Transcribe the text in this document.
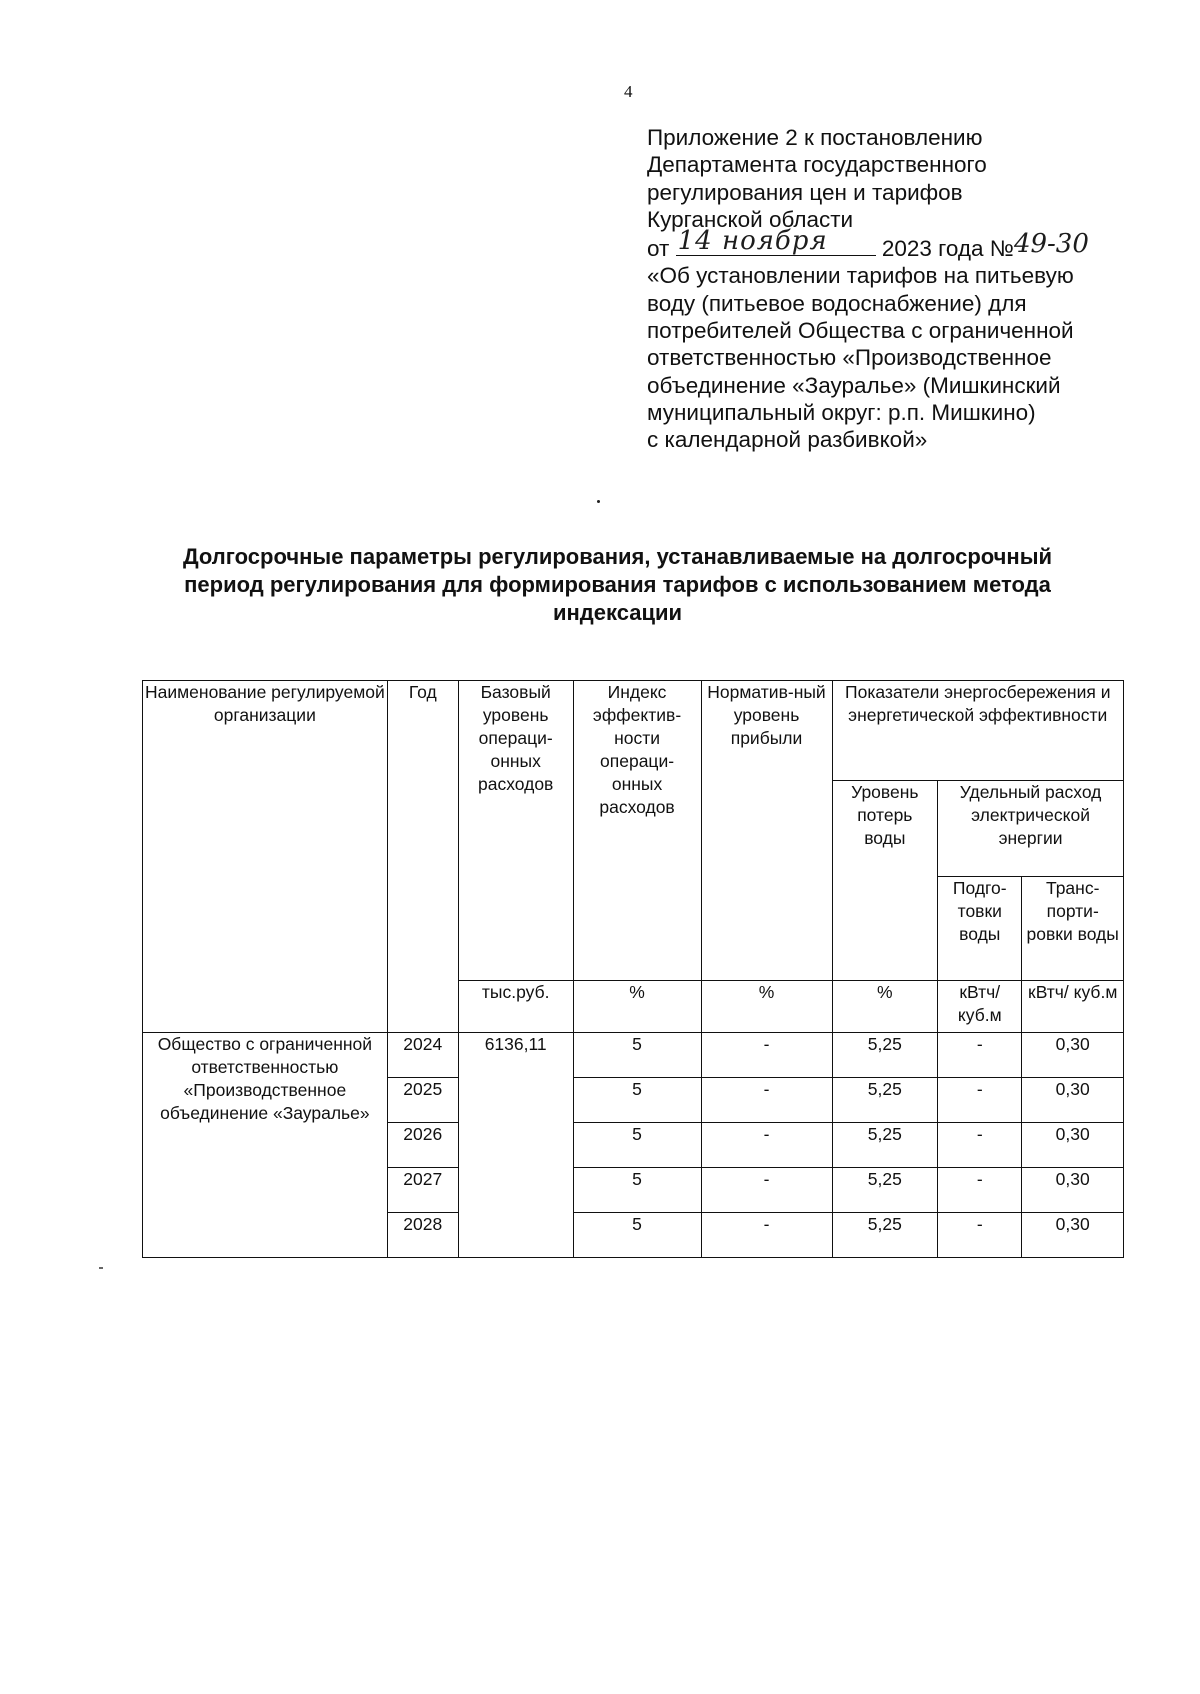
4
Приложение 2 к постановлению
Департамента государственного
регулирования цен и тарифов
Курганской области
от 14 ноября 2023 года №49-30
«Об установлении тарифов на питьевую
воду (питьевое водоснабжение) для
потребителей Общества с ограниченной
ответственностью «Производственное
объединение «Зауралье» (Мишкинский
муниципальный округ: р.п. Мишкино)
с календарной разбивкой»
Долгосрочные параметры регулирования, устанавливаемые на долгосрочный
период регулирования для формирования тарифов с использованием метода
индексации
Наименование регулируемой организации	Год	Базовый уровень операци-онных расходов	Индекс эффектив-ности операци-онных расходов	Норматив-ный уровень прибыли	Показатели энергосбережения и энергетической эффективности		
					Уровень потерь воды	Удельный расход электрической энергии	
						Подго-товки воды	Транс-порти-ровки воды
		тыс.руб.	%	%	%	кВтч/ куб.м	кВтч/ куб.м
Общество с ограниченной ответственностью «Производственное объединение «Зауралье»	2024	6136,11	5	-	5,25	-	0,30
	2025		5	-	5,25	-	0,30
	2026		5	-	5,25	-	0,30
	2027		5	-	5,25	-	0,30
	2028		5	-	5,25	-	0,30
